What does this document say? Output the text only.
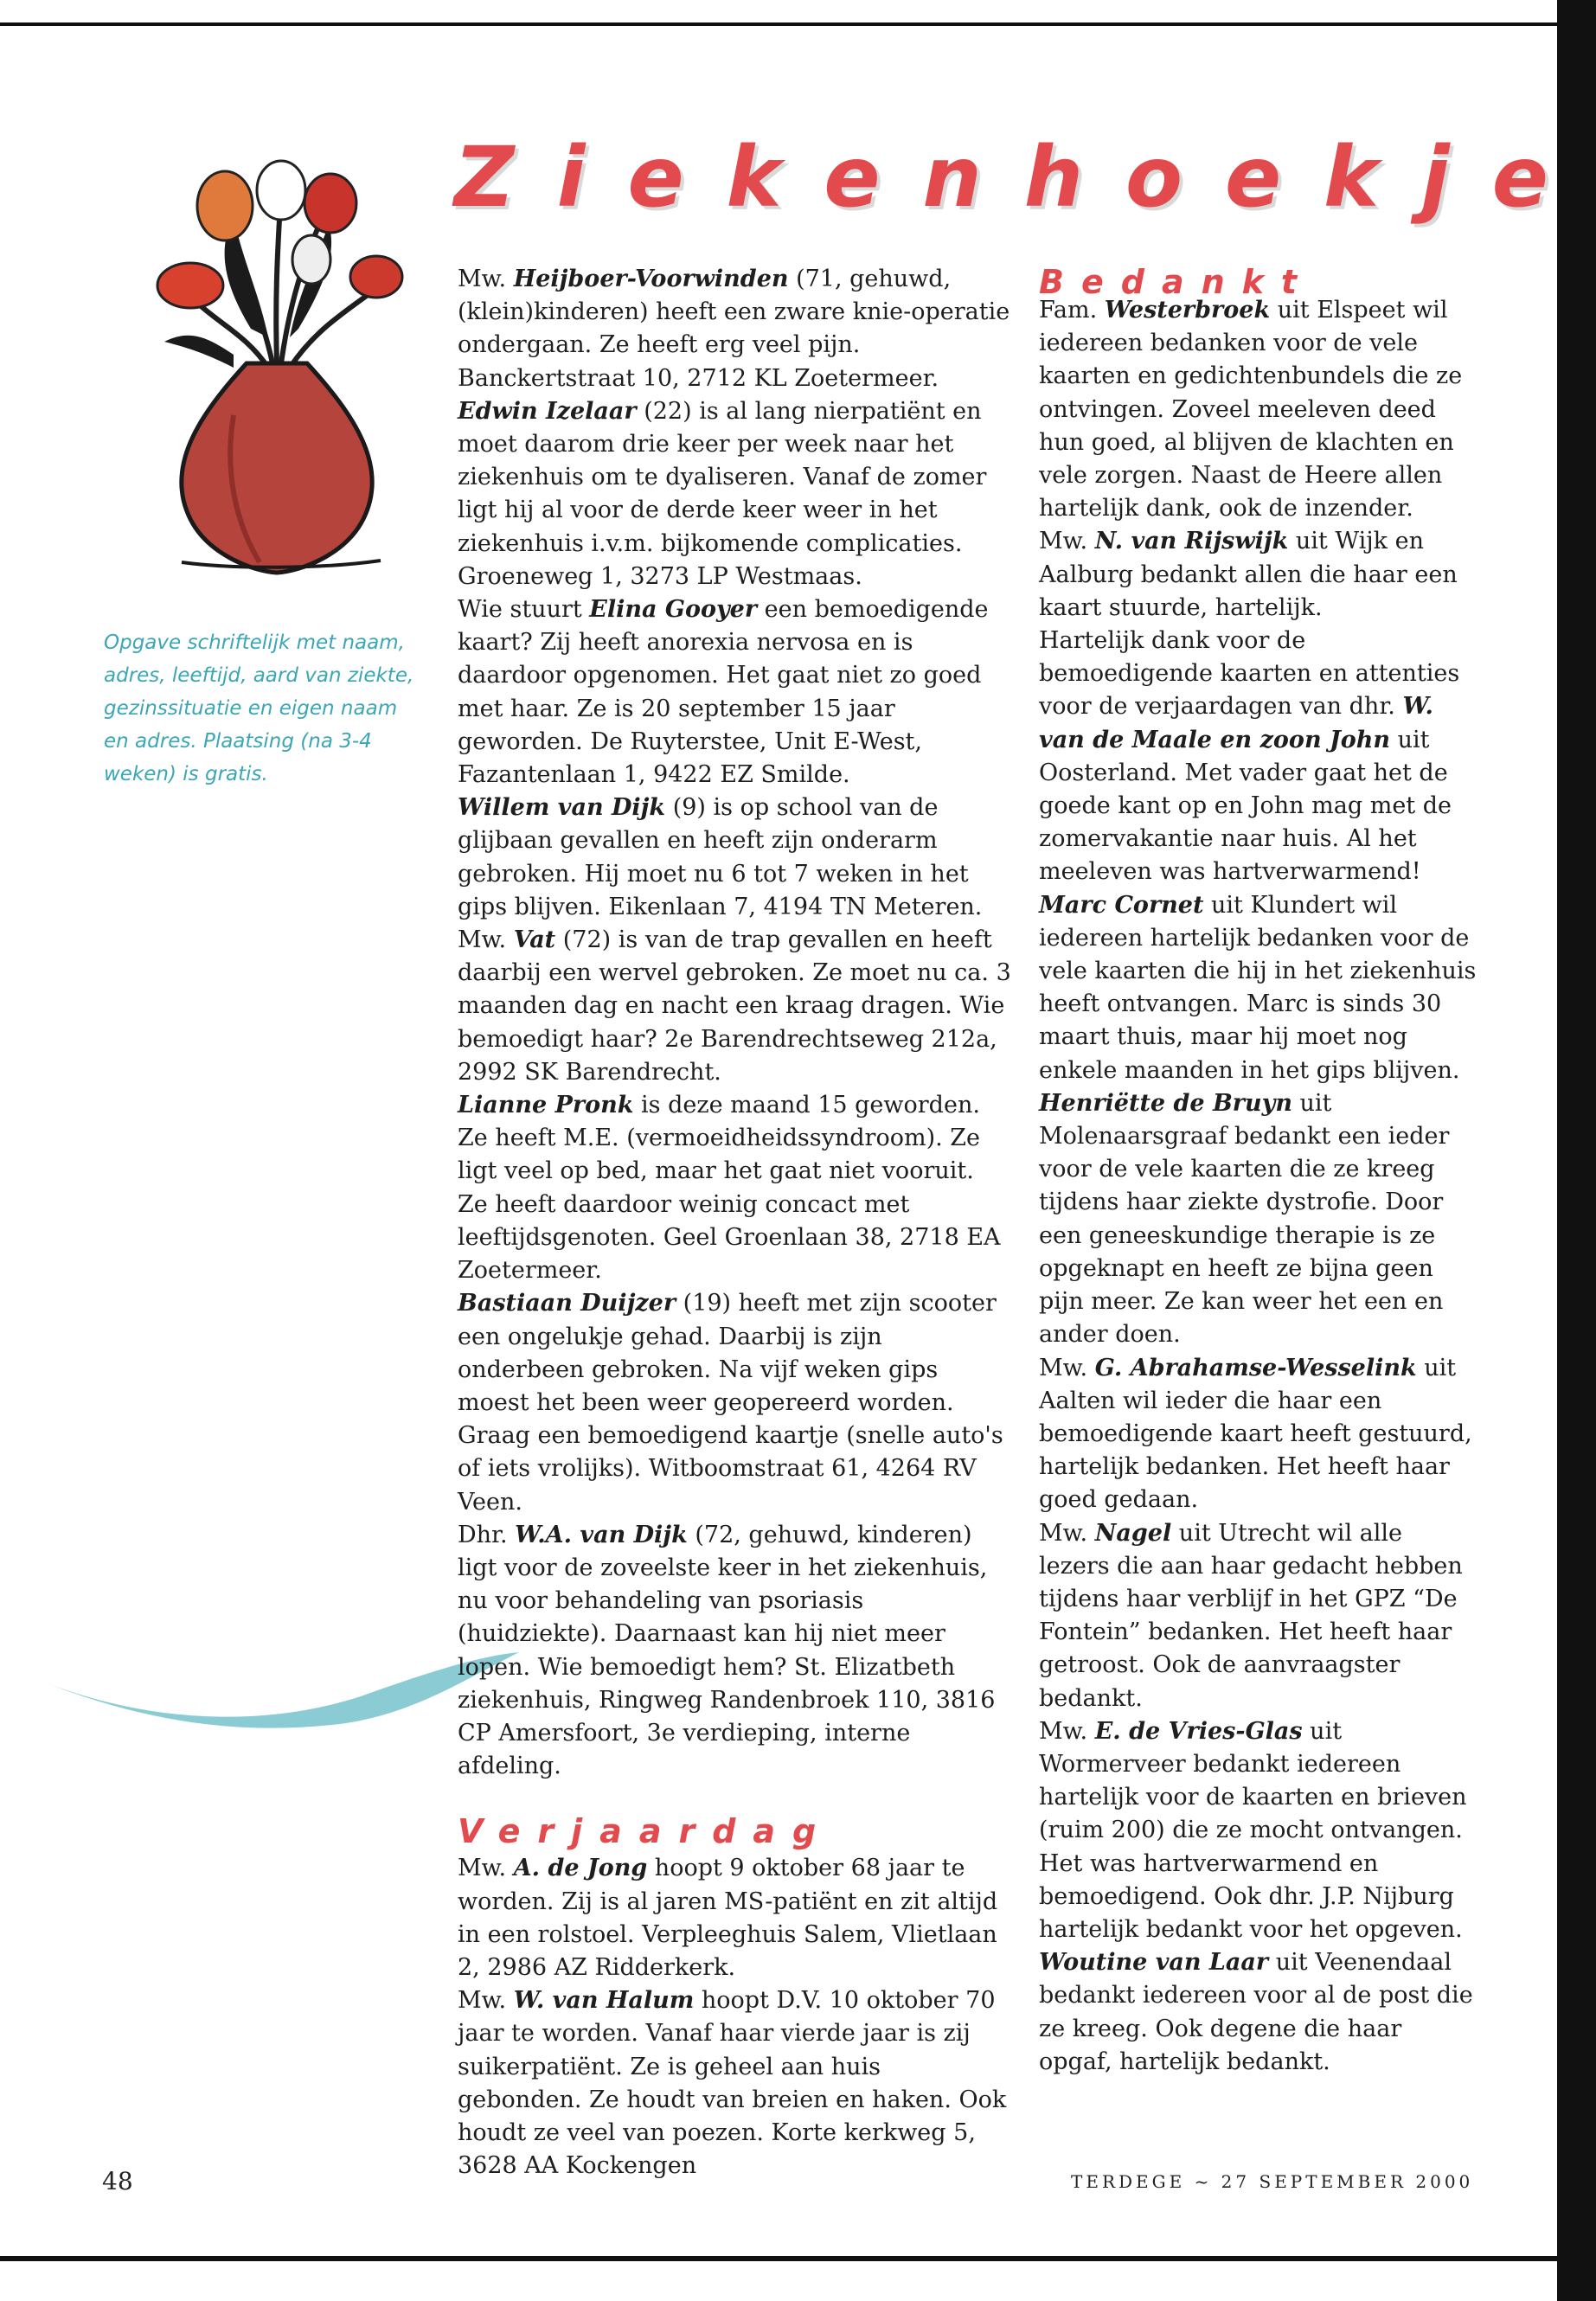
Opgave schriftelijk met naam, adres, leeftijd, aard van ziekte, gezinssituatie en eigen naam en adres. Plaatsing (na 3-4 weken) is gratis.
Z i e k e n h o e k j e

Mw. Heijboer-Voorwinden (71, gehuwd, (klein)kinderen) heeft een zware knie-operatie ondergaan. Ze heeft erg veel pijn. Banckertstraat 10, 2712 KL Zoetermeer.

Edwin Izelaar (22) is al lang nierpatiënt en moet daarom drie keer per week naar het ziekenhuis om te dyaliseren. Vanaf de zomer ligt hij al voor de derde keer weer in het ziekenhuis i.v.m. bijkomende complicaties. Groeneweg 1, 3273 LP Westmaas.

Wie stuurt Elina Gooyer een bemoedigende kaart? Zij heeft anorexia nervosa en is daardoor opgenomen. Het gaat niet zo goed met haar. Ze is 20 september 15 jaar geworden. De Ruyterstee, Unit E-West, Fazantenlaan 1, 9422 EZ Smilde.

Willem van Dijk (9) is op school van de glijbaan gevallen en heeft zijn onderarm gebroken. Hij moet nu 6 tot 7 weken in het gips blijven. Eikenlaan 7, 4194 TN Meteren.

Mw. Vat (72) is van de trap gevallen en heeft daarbij een wervel gebroken. Ze moet nu ca. 3 maanden dag en nacht een kraag dragen. Wie bemoedigt haar? 2e Barendrechtseweg 212a, 2992 SK Barendrecht.

Lianne Pronk is deze maand 15 geworden. Ze heeft M.E. (vermoeidheidssyndroom). Ze ligt veel op bed, maar het gaat niet vooruit. Ze heeft daardoor weinig concact met leeftijdsgenoten. Geel Groenlaan 38, 2718 EA Zoetermeer.

Bastiaan Duijzer (19) heeft met zijn scooter een ongelukje gehad. Daarbij is zijn onderbeen gebroken. Na vijf weken gips moest het been weer geopereerd worden. Graag een bemoedigend kaartje (snelle auto's of iets vrolijks). Witboomstraat 61, 4264 RV Veen.

Dhr. W.A. van Dijk (72, gehuwd, kinderen) ligt voor de zoveelste keer in het ziekenhuis, nu voor behandeling van psoriasis (huidziekte). Daarnaast kan hij niet meer lopen. Wie bemoedigt hem? St. Elizatbeth ziekenhuis, Ringweg Randenbroek 110, 3816 CP Amersfoort, 3e verdieping, interne afdeling.

Verjaardag

Mw. A. de Jong hoopt 9 oktober 68 jaar te worden. Zij is al jaren MS-patiënt en zit altijd in een rolstoel. Verpleeghuis Salem, Vlietlaan 2, 2986 AZ Ridderkerk.

Mw. W. van Halum hoopt D.V. 10 oktober 70 jaar te worden. Vanaf haar vierde jaar is zij suikerpatiënt. Ze is geheel aan huis gebonden. Ze houdt van breien en haken. Ook houdt ze veel van poezen. Korte kerkweg 5, 3628 AA Kockengen

Bedankt

Fam. Westerbroek uit Elspeet wil iedereen bedanken voor de vele kaarten en gedichtenbundels die ze ontvingen. Zoveel meeleven deed hun goed, al blijven de klachten en vele zorgen. Naast de Heere allen hartelijk dank, ook de inzender.

Mw. N. van Rijswijk uit Wijk en Aalburg bedankt allen die haar een kaart stuurde, hartelijk.

Hartelijk dank voor de bemoedigende kaarten en attenties voor de verjaardagen van dhr. W. van de Maale en zoon John uit Oosterland. Met vader gaat het de goede kant op en John mag met de zomervakantie naar huis. Al het meeleven was hartverwarmend!

Marc Cornet uit Klundert wil iedereen hartelijk bedanken voor de vele kaarten die hij in het ziekenhuis heeft ontvangen. Marc is sinds 30 maart thuis, maar hij moet nog enkele maanden in het gips blijven.

Henriëtte de Bruyn uit Molenaarsgraaf bedankt een ieder voor de vele kaarten die ze kreeg tijdens haar ziekte dystrofie. Door een geneeskundige therapie is ze opgeknapt en heeft ze bijna geen pijn meer. Ze kan weer het een en ander doen.

Mw. G. Abrahamse-Wesselink uit Aalten wil ieder die haar een bemoedigende kaart heeft gestuurd, hartelijk bedanken. Het heeft haar goed gedaan.

Mw. Nagel uit Utrecht wil alle lezers die aan haar gedacht hebben tijdens haar verblijf in het GPZ “De Fontein” bedanken. Het heeft haar getroost. Ook de aanvraagster bedankt.

Mw. E. de Vries-Glas uit Wormerveer bedankt iedereen hartelijk voor de kaarten en brieven (ruim 200) die ze mocht ontvangen. Het was hartverwarmend en bemoedigend. Ook dhr. J.P. Nijburg hartelijk bedankt voor het opgeven.

Woutine van Laar uit Veenendaal bedankt iedereen voor al de post die ze kreeg. Ook degene die haar opgaf, hartelijk bedankt.

48	TERDEGE ~ 27 SEPTEMBER 2000
